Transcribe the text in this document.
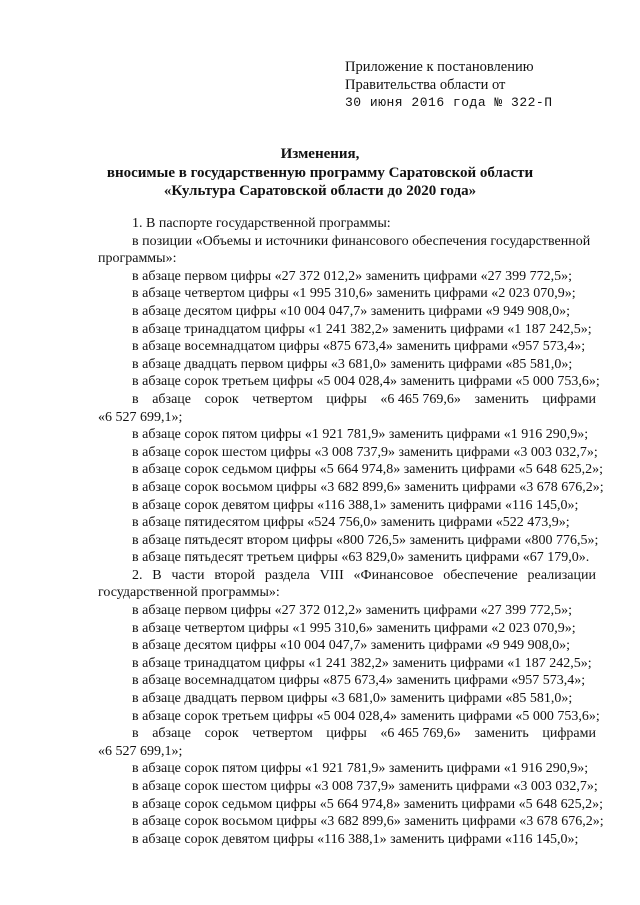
Приложение к постановлению
Правительства области от
30 июня 2016 года № 322-П
Изменения,
вносимые в государственную программу Саратовской области
«Культура Саратовской области до 2020 года»
1. В паспорте государственной программы:
в позиции «Объемы и источники финансового обеспечения государственной
программы»:
в абзаце первом цифры «27 372 012,2» заменить цифрами «27 399 772,5»;
в абзаце четвертом цифры «1 995 310,6» заменить цифрами «2 023 070,9»;
в абзаце десятом цифры «10 004 047,7» заменить цифрами «9 949 908,0»;
в абзаце тринадцатом цифры «1 241 382,2» заменить цифрами «1 187 242,5»;
в абзаце восемнадцатом цифры «875 673,4» заменить цифрами «957 573,4»;
в абзаце двадцать первом цифры «3 681,0» заменить цифрами «85 581,0»;
в абзаце сорок третьем цифры «5 004 028,4» заменить цифрами «5 000 753,6»;
в абзаце сорок четвертом цифры «6 465 769,6» заменить цифрами
«6 527 699,1»;
в абзаце сорок пятом цифры «1 921 781,9» заменить цифрами «1 916 290,9»;
в абзаце сорок шестом цифры «3 008 737,9» заменить цифрами «3 003 032,7»;
в абзаце сорок седьмом цифры «5 664 974,8» заменить цифрами «5 648 625,2»;
в абзаце сорок восьмом цифры «3 682 899,6» заменить цифрами «3 678 676,2»;
в абзаце сорок девятом цифры «116 388,1» заменить цифрами «116 145,0»;
в абзаце пятидесятом цифры «524 756,0» заменить цифрами «522 473,9»;
в абзаце пятьдесят втором цифры «800 726,5» заменить цифрами «800 776,5»;
в абзаце пятьдесят третьем цифры «63 829,0» заменить цифрами «67 179,0».
2. В части второй раздела VIII «Финансовое обеспечение реализации
государственной программы»:
в абзаце первом цифры «27 372 012,2» заменить цифрами «27 399 772,5»;
в абзаце четвертом цифры «1 995 310,6» заменить цифрами «2 023 070,9»;
в абзаце десятом цифры «10 004 047,7» заменить цифрами «9 949 908,0»;
в абзаце тринадцатом цифры «1 241 382,2» заменить цифрами «1 187 242,5»;
в абзаце восемнадцатом цифры «875 673,4» заменить цифрами «957 573,4»;
в абзаце двадцать первом цифры «3 681,0» заменить цифрами «85 581,0»;
в абзаце сорок третьем цифры «5 004 028,4» заменить цифрами «5 000 753,6»;
в абзаце сорок четвертом цифры «6 465 769,6» заменить цифрами
«6 527 699,1»;
в абзаце сорок пятом цифры «1 921 781,9» заменить цифрами «1 916 290,9»;
в абзаце сорок шестом цифры «3 008 737,9» заменить цифрами «3 003 032,7»;
в абзаце сорок седьмом цифры «5 664 974,8» заменить цифрами «5 648 625,2»;
в абзаце сорок восьмом цифры «3 682 899,6» заменить цифрами «3 678 676,2»;
в абзаце сорок девятом цифры «116 388,1» заменить цифрами «116 145,0»;
